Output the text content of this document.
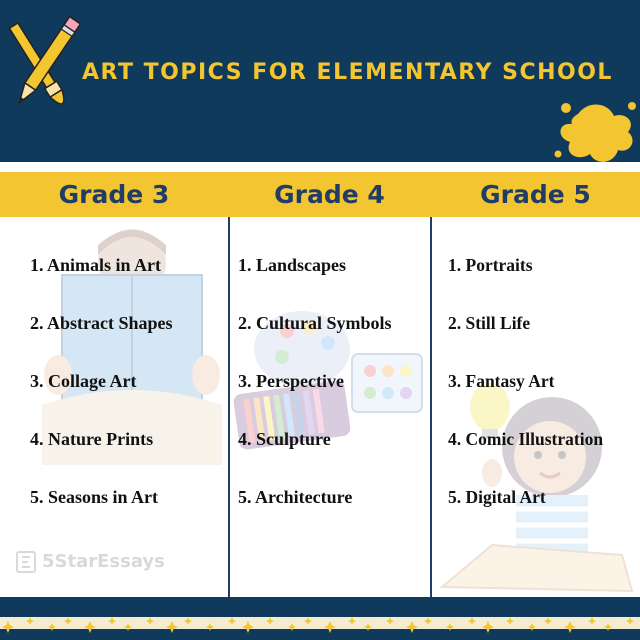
ART TOPICS FOR ELEMENTARY SCHOOL
Grade 3	Grade 4	Grade 5
1. Animals in Art
2. Abstract Shapes
3. Collage Art
4. Nature Prints
5. Seasons in Art
1. Landscapes
2. Cultural Symbols
3. Perspective
4. Sculpture
5. Architecture
1. Portraits
2. Still Life
3. Fantasy Art
4. Comic Illustration
5. Digital Art
5StarEssays
